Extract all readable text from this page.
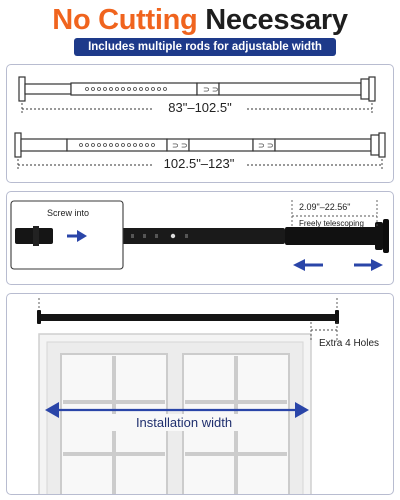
No Cutting Necessary
Includes multiple rods for adjustable width
⊃ ⊃
⊃ ⊃	⊃ ⊃
83"–102.5"
102.5"–123"
Screw into
2.09"–22.56"
Freely telescoping
Extra 4 Holes
Installation width
